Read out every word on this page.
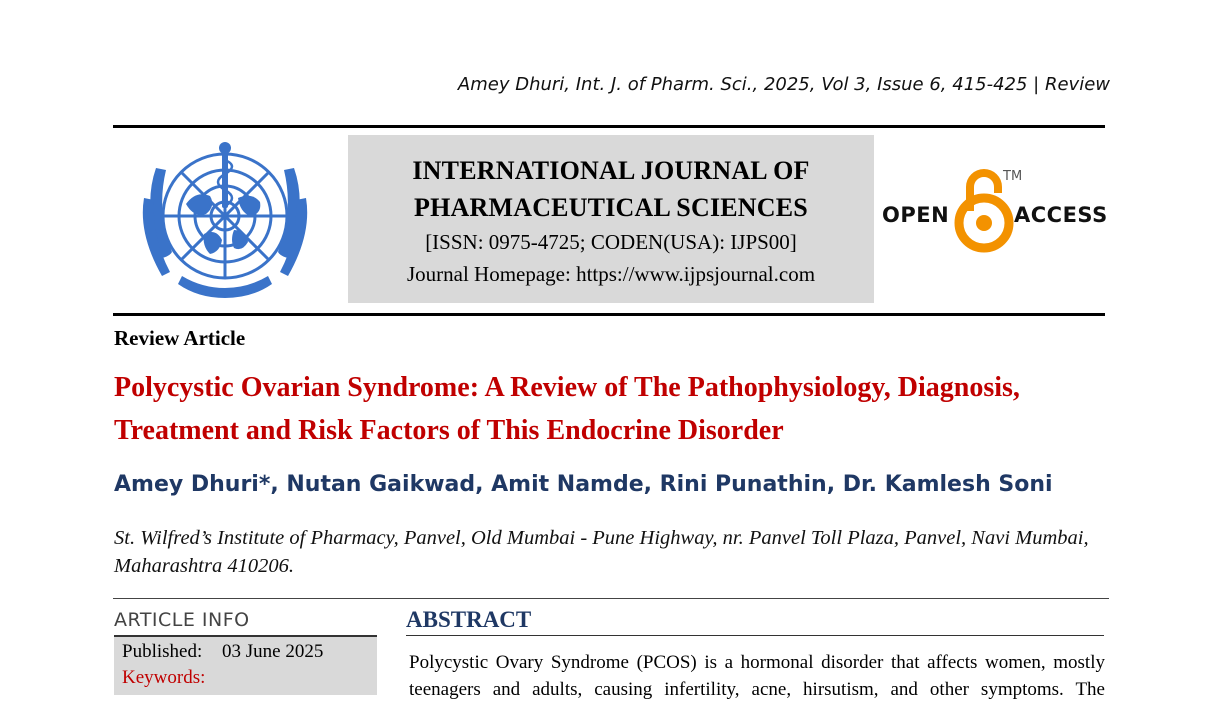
Amey Dhuri, Int. J. of Pharm. Sci., 2025, Vol 3, Issue 6, 415-425 | Review
INTERNATIONAL JOURNAL OF
PHARMACEUTICAL SCIENCES
[ISSN: 0975-4725; CODEN(USA): IJPS00]
Journal Homepage: https://www.ijpsjournal.com
OPEN
TM
ACCESS
Review Article
Polycystic Ovarian Syndrome: A Review of The Pathophysiology, Diagnosis, Treatment and Risk Factors of This Endocrine Disorder
Amey Dhuri*, Nutan Gaikwad, Amit Namde, Rini Punathin, Dr. Kamlesh Soni
St. Wilfred’s Institute of Pharmacy, Panvel, Old Mumbai - Pune Highway, nr. Panvel Toll Plaza, Panvel, Navi Mumbai, Maharashtra 410206.
ARTICLE INFO
Published: 03 June 2025
Keywords:
ABSTRACT
Polycystic Ovary Syndrome (PCOS) is a hormonal disorder that affects women, mostly teenagers and adults, causing infertility, acne, hirsutism, and other symptoms. The
